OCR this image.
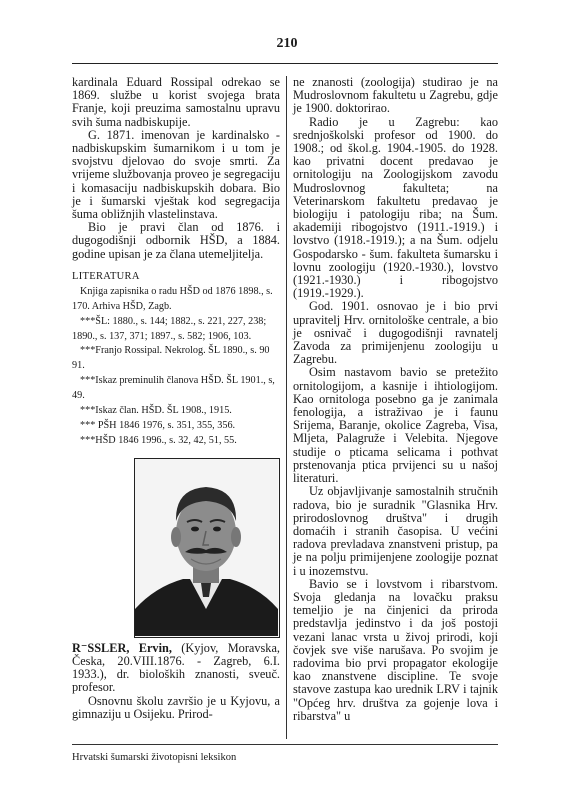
210

kardinala Eduard Rossipal odrekao se 1869. službe u korist svojega brata Franje, koji preuzima samostalnu upravu svih šuma nadbiskupije.

G. 1871. imenovan je kardinalsko - nadbiskupskim šumarnikom i u tom je svojstvu djelovao do svoje smrti. Za vrijeme službovanja proveo je segregaciju i komasaciju nadbiskupskih dobara. Bio je i šumarski vještak kod segregacija šuma obližnjih vlastelinstava.

Bio je pravi član od 1876. i dugogodišnji odbornik HŠD, a 1884. godine upisan je za člana utemeljitelja.

LITERATURA

Knjiga zapisnika o radu HŠD od 1876 1898., s. 170. Arhiva HŠD, Zagb.

***ŠL: 1880., s. 144; 1882., s. 221, 227, 238; 1890., s. 137, 371; 1897., s. 582; 1906, 103.

***Franjo Rossipal. Nekrolog. ŠL 1890., s. 90 91.

***Iskaz preminulih članova HŠD. ŠL 1901., s, 49.

***Iskaz član. HŠD. ŠL 1908., 1915.

*** PŠH 1846 1976, s. 351, 355, 356.

***HŠD 1846 1996., s. 32, 42, 51, 55.

R⁻SSLER, Ervin, (Kyjov, Moravska, Česka, 20.VIII.1876. - Zagreb, 6.I. 1933.), dr. bioloških znanosti, sveuč. profesor.

Osnovnu školu završio je u Kyjovu, a gimnaziju u Osijeku. Prirod-

ne znanosti (zoologija) studirao je na Mudroslovnom fakultetu u Zagrebu, gdje je 1900. doktorirao.

Radio je u Zagrebu: kao srednjoškolski profesor od 1900. do 1908.; od škol.g. 1904.-1905. do 1928. kao privatni docent predavao je ornitologiju na Zoologijskom zavodu Mudroslovnog fakulteta; na Veterinarskom fakultetu predavao je biologiju i patologiju riba; na Šum. akademiji ribogojstvo (1911.-1919.) i lovstvo (1918.-1919.); a na Šum. odjelu Gospodarsko - šum. fakulteta šumarsku i lovnu zoologiju (1920.-1930.), lovstvo (1921.-1930.) i ribogojstvo (1919.-1929.).

God. 1901. osnovao je i bio prvi upravitelj Hrv. ornitološke centrale, a bio je osnivač i dugogodišnji ravnatelj Zavoda za primijenjenu zoologiju u Zagrebu.

Osim nastavom bavio se pretežito ornitologijom, a kasnije i ihtiologijom. Kao ornitologa posebno ga je zanimala fenologija, a istraživao je i faunu Srijema, Baranje, okolice Zagreba, Visa, Mljeta, Palagruže i Velebita. Njegove studije o pticama selicama i pothvat prstenovanja ptica prvijenci su u našoj literaturi.

Uz objavljivanje samostalnih stručnih radova, bio je suradnik "Glasnika Hrv. prirodoslovnog društva" i drugih domaćih i stranih časopisa. U većini radova prevladava znanstveni pristup, pa je na polju primijenjene zoologije poznat i u inozemstvu.

Bavio se i lovstvom i ribarstvom. Svoja gledanja na lovačku praksu temeljio je na činjenici da priroda predstavlja jedinstvo i da još postoji vezani lanac vrsta u živoj prirodi, koji čovjek sve više narušava. Po svojim je radovima bio prvi propagator ekologije kao znanstvene discipline. Te svoje stavove zastupa kao urednik LRV i tajnik "Općeg hrv. društva za gojenje lova i ribarstva" u

Hrvatski šumarski životopisni leksikon
